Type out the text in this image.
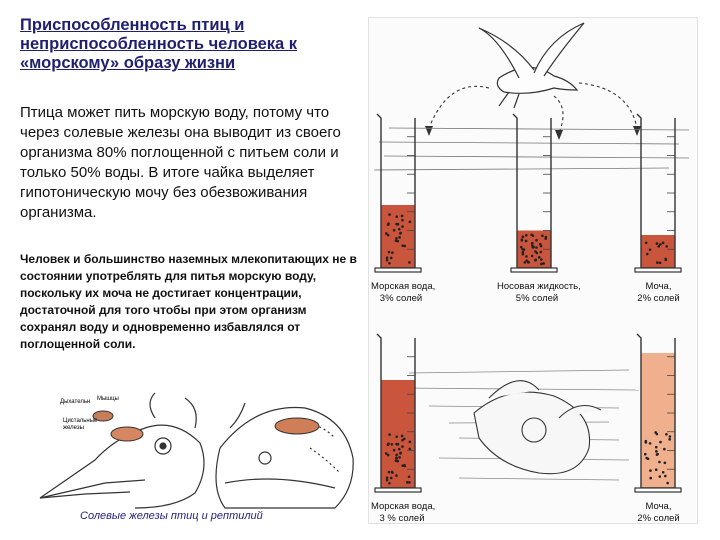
Приспособленность птиц и неприспособленность человека к «морскому» образу жизни
Птица может пить морскую воду, потому что через солевые железы она выводит из своего организма 80% поглощенной с питьем соли и только 50% воды. В итоге чайка выделяет гипотоническую мочу без обезвоживания организма.
Человек и большинство наземных млекопитающих не в состоянии употреблять для питья морскую воду, поскольку их моча не достигает концентрации, достаточной для того чтобы при этом организм сохранял воду и одновременно избавлялся от поглощенной соли.
Дыхательн Мышцы
Цистальные
железы
Солевые железы птиц и рептилий
Морская вода,
3% солей
Носовая жидкость,
5% солей
Моча,
2% солей
Морская вода,
3 % солей
Моча,
2% солей
